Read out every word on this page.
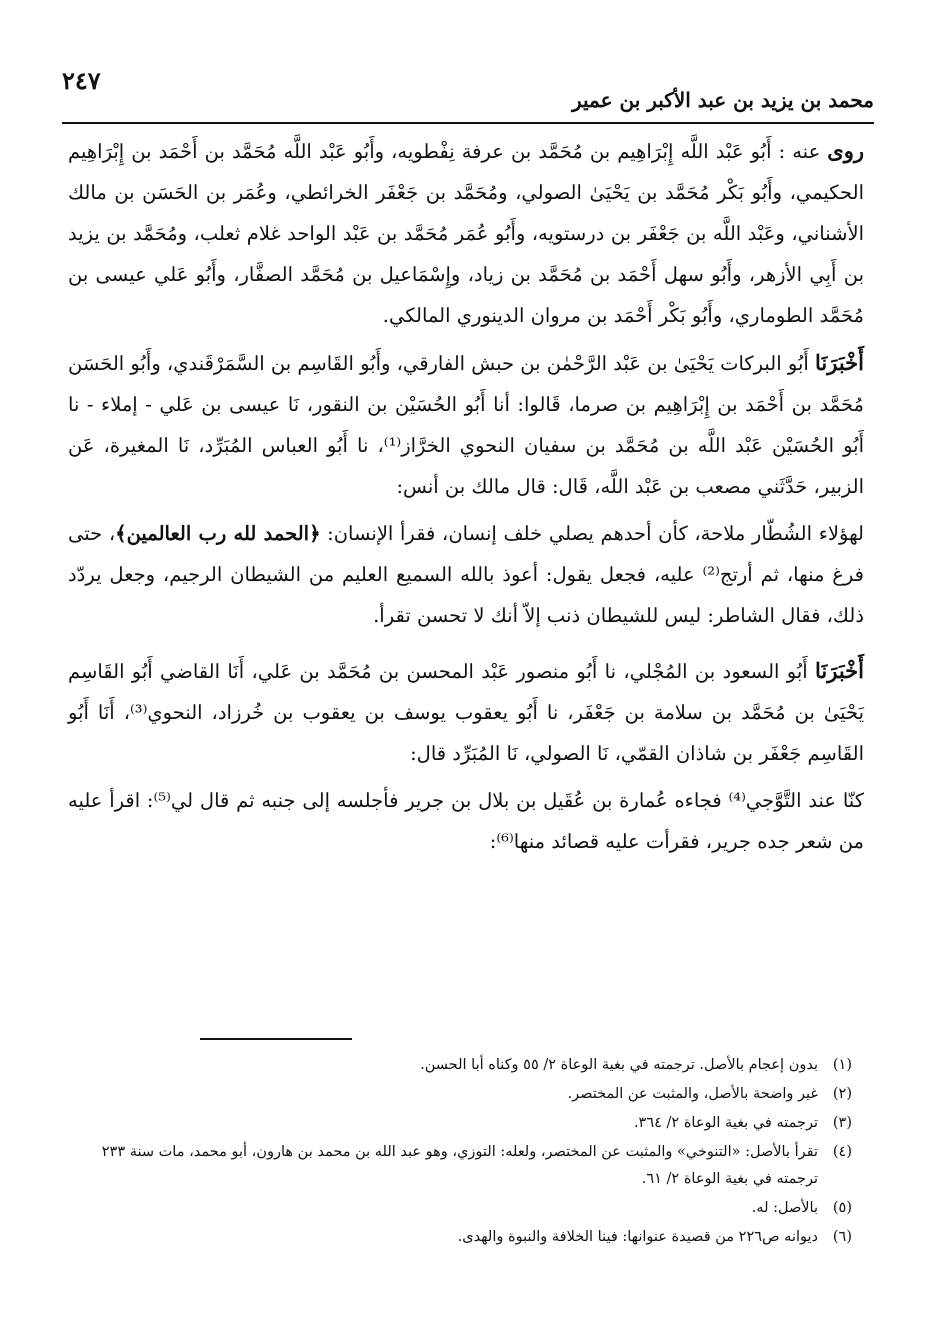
٢٤٧
محمد بن يزيد بن عبد الأكبر بن عمير

روى عنه : أَبُو عَبْد اللَّه إِبْرَاهِيم بن مُحَمَّد بن عرفة نِفْطويه، وأَبُو عَبْد اللَّه مُحَمَّد بن أَحْمَد بن إِبْرَاهِيم الحكيمي، وأَبُو بَكْر مُحَمَّد بن يَحْيَىٰ الصولي، ومُحَمَّد بن جَعْفَر الخرائطي، وعُمَر بن الحَسَن بن مالك الأشناني، وعَبْد اللَّه بن جَعْفَر بن درستويه، وأَبُو عُمَر مُحَمَّد بن عَبْد الواحد غلام ثعلب، ومُحَمَّد بن يزيد بن أَبِي الأزهر، وأَبُو سهل أَحْمَد بن مُحَمَّد بن زياد، وإِسْمَاعيل بن مُحَمَّد الصفَّار، وأَبُو عَلي عيسى بن مُحَمَّد الطوماري، وأَبُو بَكْر أَحْمَد بن مروان الدينوري المالكي.

أَخْبَرَنَا أَبُو البركات يَحْيَىٰ بن عَبْد الرَّحْمٰن بن حبش الفارقي، وأَبُو القَاسِم بن السَّمَرْقَندي، وأَبُو الحَسَن مُحَمَّد بن أَحْمَد بن إِبْرَاهِيم بن صرما، قَالوا: أنا أَبُو الحُسَيْن بن النقور، نَا عيسى بن عَلي - إملاء - نا أَبُو الحُسَيْن عَبْد اللَّه بن مُحَمَّد بن سفيان النحوي الخرَّاز⁽¹⁾، نا أَبُو العباس المُبَرِّد، نَا المغيرة، عَن الزبير، حَدَّثَني مصعب بن عَبْد اللَّه، قَال: قال مالك بن أنس:

لهؤلاء الشُطّار ملاحة، كأن أحدهم يصلي خلف إنسان، فقرأ الإنسان: ﴿الحمد لله رب العالمين﴾، حتى فرغ منها، ثم أرتج⁽²⁾ عليه، فجعل يقول: أعوذ بالله السميع العليم من الشيطان الرجيم، وجعل يردّد ذلك، فقال الشاطر: ليس للشيطان ذنب إلاّ أنك لا تحسن تقرأ.

أَخْبَرَنَا أَبُو السعود بن المُجْلي، نا أَبُو منصور عَبْد المحسن بن مُحَمَّد بن عَلي، أَنَا القاضي أَبُو القَاسِم يَحْيَىٰ بن مُحَمَّد بن سلامة بن جَعْفَر، نا أَبُو يعقوب يوسف بن يعقوب بن خُرزاد، النحوي⁽³⁾، أَنَا أَبُو القَاسِم جَعْفَر بن شاذان القمّي، نَا الصولي، نَا المُبَرِّد قال:

كنّا عند التَّوَّجي⁽⁴⁾ فجاءه عُمارة بن عُقَيل بن بلال بن جرير فأجلسه إلى جنبه ثم قال لي⁽⁵⁾: اقرأ عليه من شعر جده جرير، فقرأت عليه قصائد منها⁽⁶⁾:

(١)
بدون إعجام بالأصل. ترجمته في بغية الوعاة ٢/ ٥٥ وكناه أبا الحسن.
(٢)
غير واضحة بالأصل، والمثبت عن المختصر.
(٣)
ترجمته في بغية الوعاة ٢/ ٣٦٤.
(٤)
تقرأ بالأصل: «التنوخي» والمثبت عن المختصر، ولعله: التوزي، وهو عبد الله بن محمد بن هارون، أبو محمد، مات سنة ٢٣٣ ترجمته في بغية الوعاة ٢/ ٦١.
(٥)
بالأصل: له.
(٦)
ديوانه ص٢٢٦ من قصيدة عنوانها: فينا الخلافة والنبوة والهدى.
